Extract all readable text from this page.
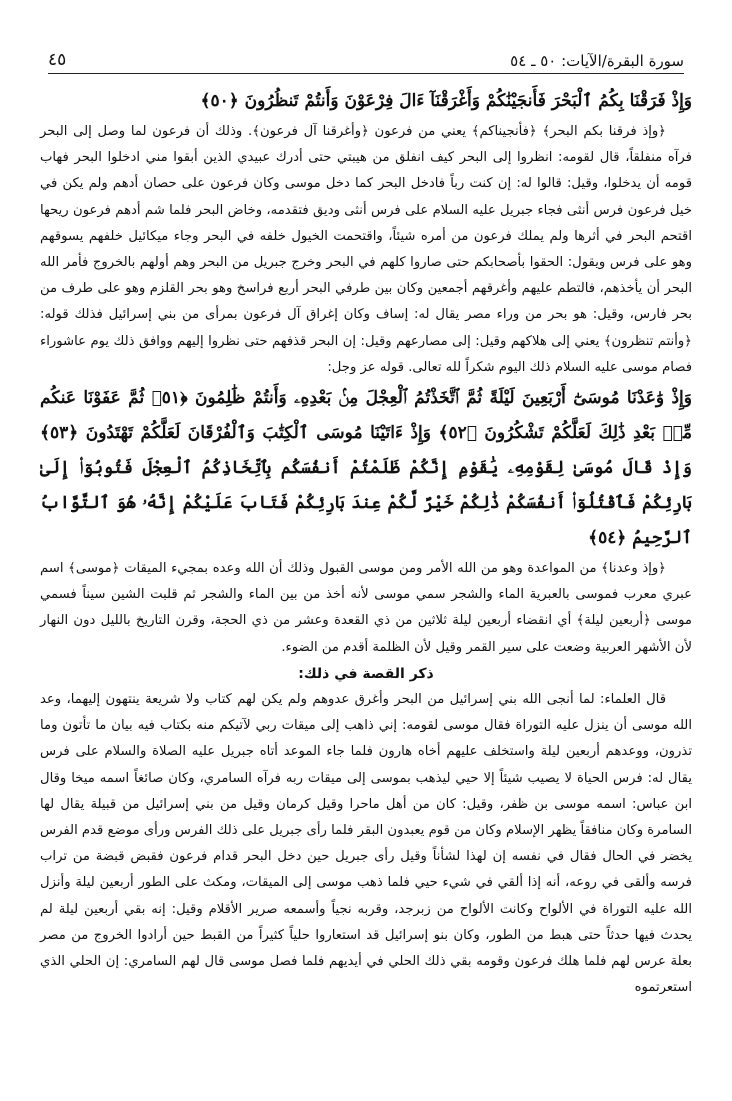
سورة البقرة/الآيات: ٥٠ ـ ٥٤
٤٥

وَإِذْ فَرَقْنَا بِكُمُ ٱلْبَحْرَ فَأَنجَيْنَٰكُمْ وَأَغْرَقْنَآ ءَالَ فِرْعَوْنَ وَأَنتُمْ تَنظُرُونَ ﴿٥٠﴾

﴿وإذ فرقنا بكم البحر﴾ ﴿فأنجيناكم﴾ يعني من فرعون ﴿وأغرقنا آل فرعون﴾. وذلك أن فرعون لما وصل إلى البحر فرآه منفلقاً، قال لقومه: انظروا إلى البحر كيف انفلق من هيبتي حتى أدرك عبيدي الذين أبقوا مني ادخلوا البحر فهاب قومه أن يدخلوا، وقيل: قالوا له: إن كنت رباً فادخل البحر كما دخل موسى وكان فرعون على حصان أدهم ولم يكن في خيل فرعون فرس أنثى فجاء جبريل عليه السلام على فرس أنثى وديق فتقدمه، وخاض البحر فلما شم أدهم فرعون ريحها اقتحم البحر في أثرها ولم يملك فرعون من أمره شيئاً، واقتحمت الخيول خلفه في البحر وجاء ميكائيل خلفهم يسوقهم وهو على فرس ويقول: الحقوا بأصحابكم حتى صاروا كلهم في البحر وخرج جبريل من البحر وهم أولهم بالخروج فأمر الله البحر أن يأخذهم، فالتطم عليهم وأغرقهم أجمعين وكان بين طرفي البحر أربع فراسخ وهو بحر القلزم وهو على طرف من بحر فارس، وقيل: هو بحر من وراء مصر يقال له: إساف وكان إغراق آل فرعون بمرأى من بني إسرائيل فذلك قوله: ﴿وأنتم تنظرون﴾ يعني إلى هلاكهم وقيل: إلى مصارعهم وقيل: إن البحر قذفهم حتى نظروا إليهم ووافق ذلك يوم عاشوراء فصام موسى عليه السلام ذلك اليوم شكراً لله تعالى. قوله عز وجل:

وَإِذْ وَٰعَدْنَا مُوسَىٰٓ أَرْبَعِينَ لَيْلَةً ثُمَّ ٱتَّخَذْتُمُ ٱلْعِجْلَ مِنۢ بَعْدِهِۦ وَأَنتُمْ ظَٰلِمُونَ ﴿٥١﴾ ثُمَّ عَفَوْنَا عَنكُم مِّنۢ بَعْدِ ذَٰلِكَ لَعَلَّكُمْ تَشْكُرُونَ ﴿٥٢﴾ وَإِذْ ءَاتَيْنَا مُوسَى ٱلْكِتَٰبَ وَٱلْفُرْقَانَ لَعَلَّكُمْ تَهْتَدُونَ ﴿٥٣﴾ وَإِذْ قَالَ مُوسَىٰ لِقَوْمِهِۦ يَٰقَوْمِ إِنَّكُمْ ظَلَمْتُمْ أَنفُسَكُم بِٱتِّخَاذِكُمُ ٱلْعِجْلَ فَتُوبُوٓا۟ إِلَىٰ بَارِئِكُمْ فَٱقْتُلُوٓا۟ أَنفُسَكُمْ ذَٰلِكُمْ خَيْرٌ لَّكُمْ عِندَ بَارِئِكُمْ فَتَابَ عَلَيْكُمْ إِنَّهُۥ هُوَ ٱلتَّوَّابُ ٱلرَّحِيمُ ﴿٥٤﴾

﴿وإذ وعدنا﴾ من المواعدة وهو من الله الأمر ومن موسى القبول وذلك أن الله وعده بمجيء الميقات ﴿موسى﴾ اسم عبري معرب فموسى بالعبرية الماء والشجر سمي موسى لأنه أخذ من بين الماء والشجر ثم قلبت الشين سيناً فسمي موسى ﴿أربعين ليلة﴾ أي انقضاء أربعين ليلة ثلاثين من ذي القعدة وعشر من ذي الحجة، وقرن التاريخ بالليل دون النهار لأن الأشهر العربية وضعت على سير القمر وقيل لأن الظلمة أقدم من الضوء.

ذكر القصة في ذلك:

قال العلماء: لما أنجى الله بني إسرائيل من البحر وأغرق عدوهم ولم يكن لهم كتاب ولا شريعة ينتهون إليهما، وعد الله موسى أن ينزل عليه التوراة فقال موسى لقومه: إني ذاهب إلى ميقات ربي لآتيكم منه بكتاب فيه بيان ما تأتون وما تذرون، ووعدهم أربعين ليلة واستخلف عليهم أخاه هارون فلما جاء الموعد أتاه جبريل عليه الصلاة والسلام على فرس يقال له: فرس الحياة لا يصيب شيئاً إلا حيي ليذهب بموسى إلى ميقات ربه فرآه السامري، وكان صائغاً اسمه ميخا وقال ابن عباس: اسمه موسى بن ظفر، وقيل: كان من أهل ماحرا وقيل كرمان وقيل من بني إسرائيل من قبيلة يقال لها السامرة وكان منافقاً يظهر الإسلام وكان من قوم يعبدون البقر فلما رأى جبريل على ذلك الفرس ورأى موضع قدم الفرس يخضر في الحال فقال في نفسه إن لهذا لشأناً وقيل رأى جبريل حين دخل البحر قدام فرعون فقبض قبضة من تراب فرسه وألقى في روعه، أنه إذا ألقي في شيء حيي فلما ذهب موسى إلى الميقات، ومكث على الطور أربعين ليلة وأنزل الله عليه التوراة في الألواح وكانت الألواح من زبرجد، وقربه نجياً وأسمعه صرير الأقلام وقيل: إنه بقي أربعين ليلة لم يحدث فيها حدثاً حتى هبط من الطور، وكان بنو إسرائيل قد استعاروا حلياً كثيراً من القبط حين أرادوا الخروج من مصر بعلة عرس لهم فلما هلك فرعون وقومه بقي ذلك الحلي في أيديهم فلما فصل موسى قال لهم السامري: إن الحلي الذي استعرتموه
